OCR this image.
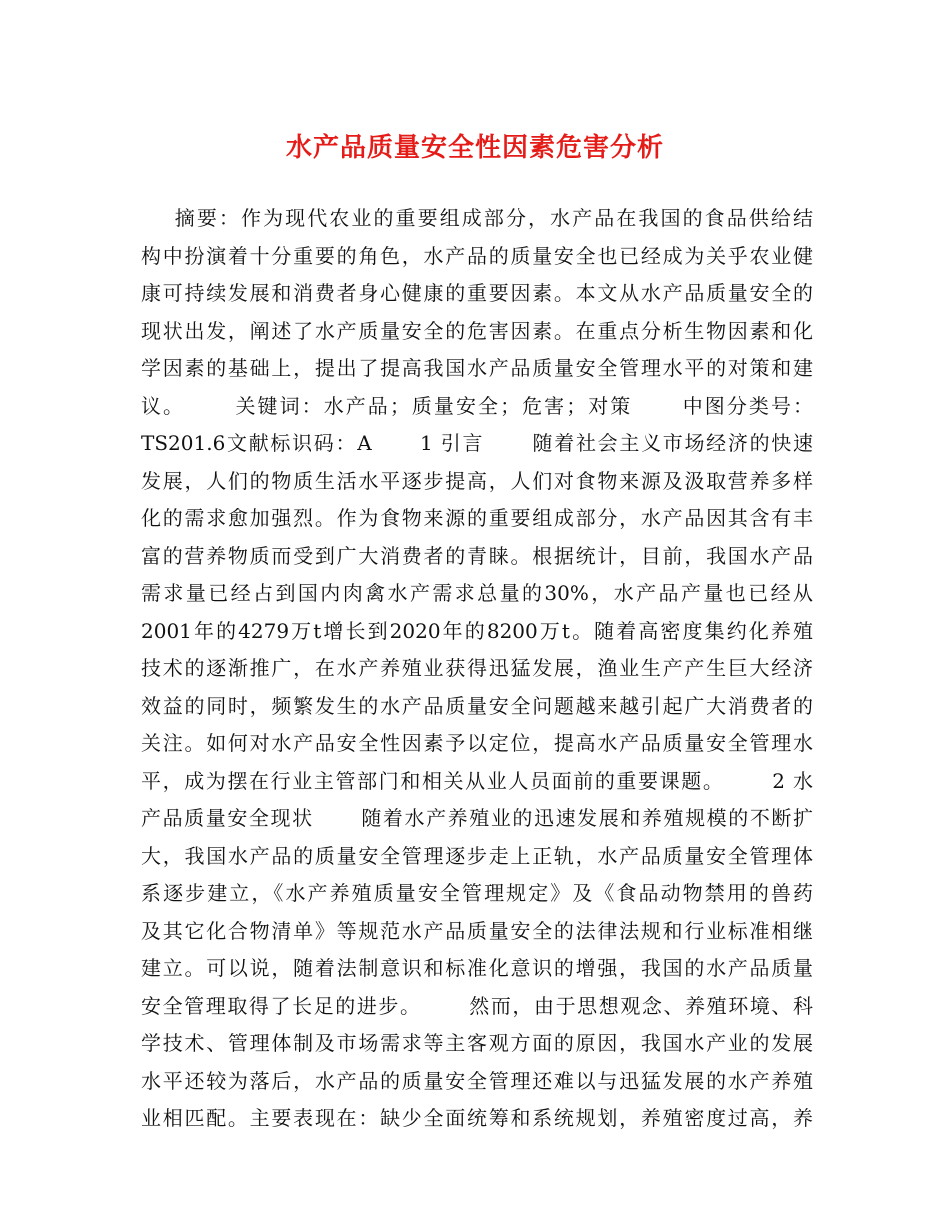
水产品质量安全性因素危害分析
摘要：作为现代农业的重要组成部分，水产品在我国的食品供给结
构中扮演着十分重要的角色，水产品的质量安全也已经成为关乎农业健
康可持续发展和消费者身心健康的重要因素。本文从水产品质量安全的
现状出发，阐述了水产质量安全的危害因素。在重点分析生物因素和化
学因素的基础上，提出了提高我国水产品质量安全管理水平的对策和建
议。      关键词：水产品；质量安全；危害；对策      中图分类号：
TS201.6文献标识码：A      1 引言      随着社会主义市场经济的快速
发展，人们的物质生活水平逐步提高，人们对食物来源及汲取营养多样
化的需求愈加强烈。作为食物来源的重要组成部分，水产品因其含有丰
富的营养物质而受到广大消费者的青睐。根据统计，目前，我国水产品
需求量已经占到国内肉禽水产需求总量的30%，水产品产量也已经从
2001年的4279万t增长到2020年的8200万t。随着高密度集约化养殖
技术的逐渐推广，在水产养殖业获得迅猛发展，渔业生产产生巨大经济
效益的同时，频繁发生的水产品质量安全问题越来越引起广大消费者的
关注。如何对水产品安全性因素予以定位，提高水产品质量安全管理水
平，成为摆在行业主管部门和相关从业人员面前的重要课题。      2 水
产品质量安全现状      随着水产养殖业的迅速发展和养殖规模的不断扩
大，我国水产品的质量安全管理逐步走上正轨，水产品质量安全管理体
系逐步建立，《水产养殖质量安全管理规定》及《食品动物禁用的兽药
及其它化合物清单》等规范水产品质量安全的法律法规和行业标准相继
建立。可以说，随着法制意识和标准化意识的增强，我国的水产品质量
安全管理取得了长足的进步。      然而，由于思想观念、养殖环境、科
学技术、管理体制及市场需求等主客观方面的原因，我国水产业的发展
水平还较为落后，水产品的质量安全管理还难以与迅猛发展的水产养殖
业相匹配。主要表现在：缺少全面统筹和系统规划，养殖密度过高，养
